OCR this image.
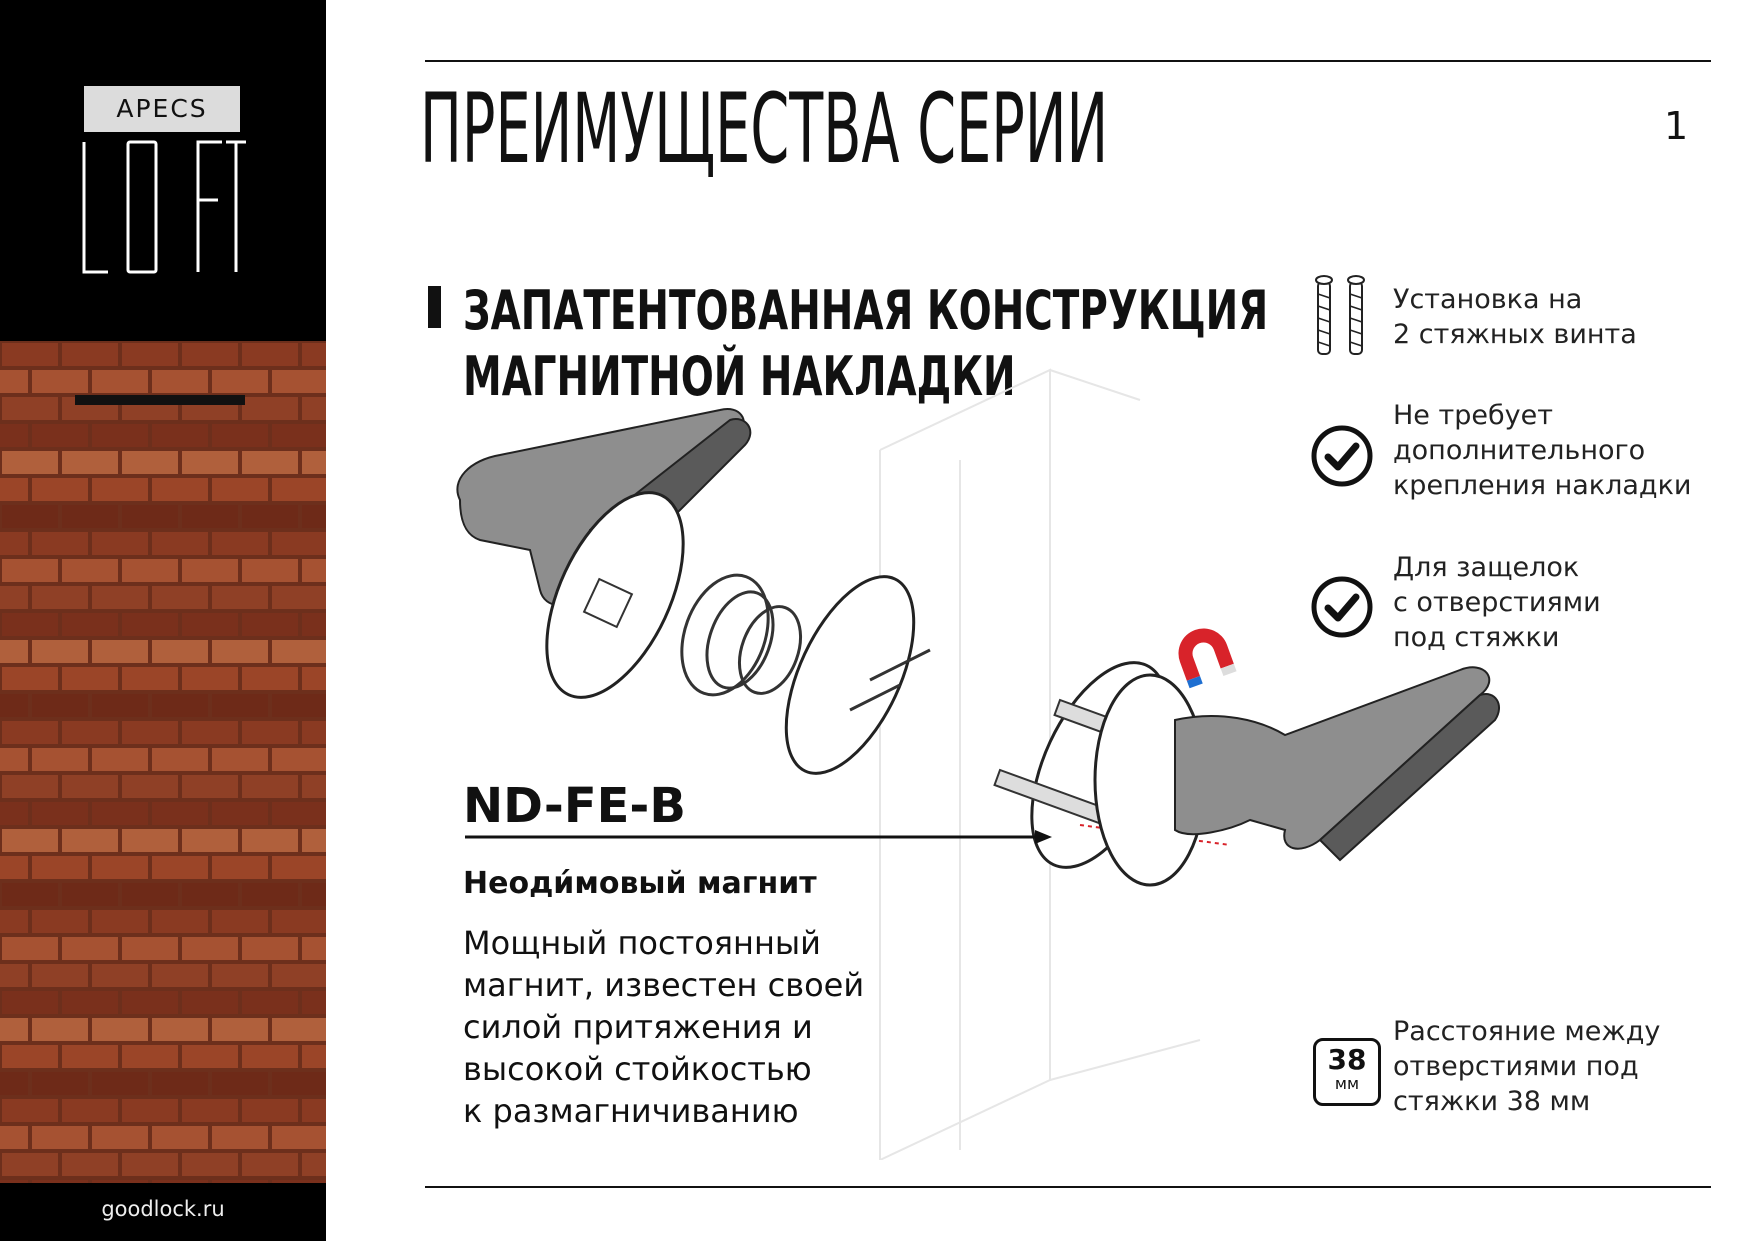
APECS
goodlock.ru
ПРЕИМУЩЕСТВА СЕРИИ	1
ЗАПАТЕНТОВАННАЯ КОНСТРУКЦИЯ
МАГНИТНОЙ НАКЛАДКИ
ND-FE-B
Неоди́мовый магнит
Мощный постоянный
магнит, известен своей
силой притяжения и
высокой стойкостью
к размагничиванию
Установка на
2 стяжных винта
Не требует
дополнительного
крепления накладки
Для защелок
с отверстиями
под стяжки
38
мм
Расстояние между
отверстиями под
стяжки 38 мм
